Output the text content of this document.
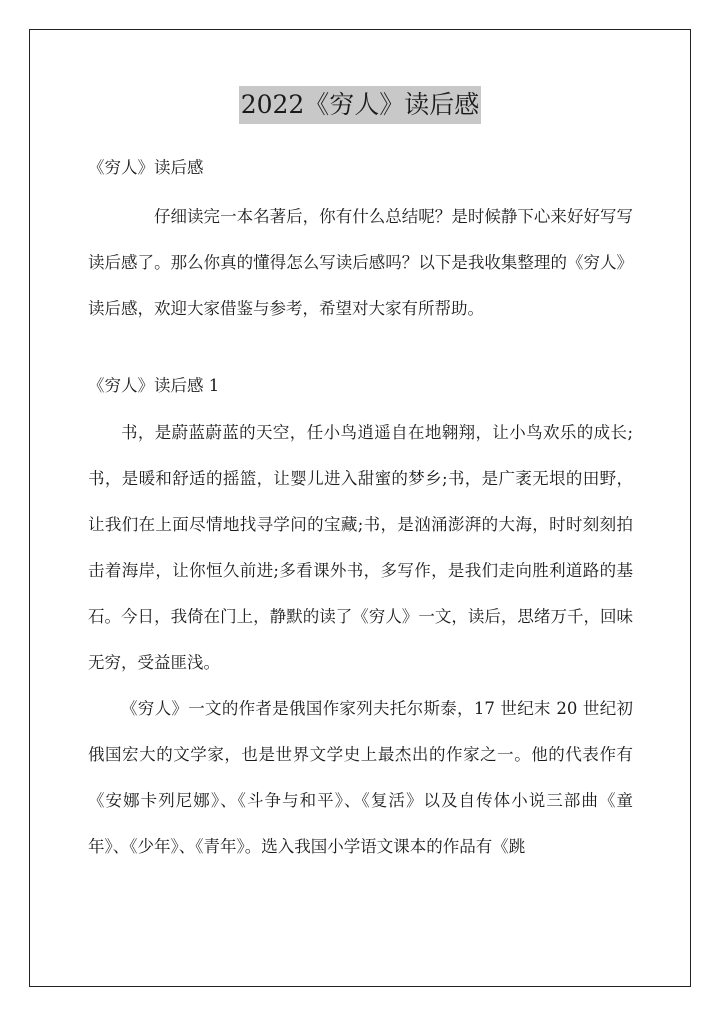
2022《穷人》读后感

《穷人》读后感

仔细读完一本名著后，你有什么总结呢？是时候静下心来好好写写读后感了。那么你真的懂得怎么写读后感吗？以下是我收集整理的《穷人》读后感，欢迎大家借鉴与参考，希望对大家有所帮助。

《穷人》读后感 1

书，是蔚蓝蔚蓝的天空，任小鸟逍遥自在地翱翔，让小鸟欢乐的成长;书，是暖和舒适的摇篮，让婴儿进入甜蜜的梦乡;书，是广袤无垠的田野，让我们在上面尽情地找寻学问的宝藏;书，是汹涌澎湃的大海，时时刻刻拍击着海岸，让你恒久前进;多看课外书，多写作，是我们走向胜利道路的基石。今日，我倚在门上，静默的读了《穷人》一文，读后，思绪万千，回味无穷，受益匪浅。

《穷人》一文的作者是俄国作家列夫托尔斯泰，17 世纪末 20 世纪初俄国宏大的文学家，也是世界文学史上最杰出的作家之一。他的代表作有《安娜卡列尼娜》、《斗争与和平》、《复活》以及自传体小说三部曲《童年》、《少年》、《青年》。选入我国小学语文课本的作品有《跳
